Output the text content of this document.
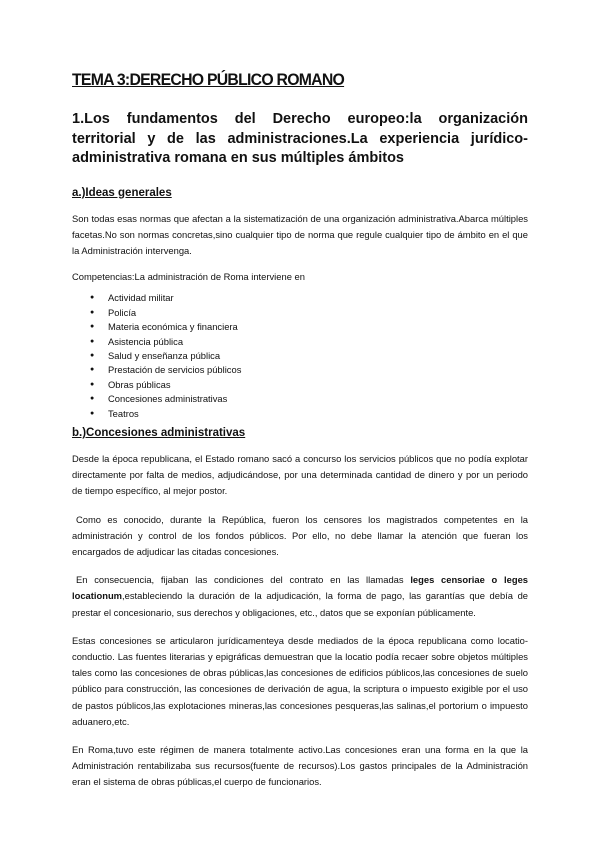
TEMA 3:DERECHO PÚBLICO ROMANO
1.Los fundamentos del Derecho europeo:la organización territorial y de las administraciones.La experiencia jurídico-administrativa romana en sus múltiples ámbitos
a.)Ideas generales

Son todas esas normas que afectan a la sistematización de una organización administrativa.Abarca múltiples facetas.No son normas concretas,sino cualquier tipo de norma que regule cualquier tipo de ámbito en el que la Administración intervenga.

Competencias:La administración de Roma interviene en

● Actividad militar
● Policía
● Materia económica y financiera
● Asistencia pública
● Salud y enseñanza pública
● Prestación de servicios públicos
● Obras públicas
● Concesiones administrativas
● Teatros
b.)Concesiones administrativas

Desde la época republicana, el Estado romano sacó a concurso los servicios públicos que no podía explotar directamente por falta de medios, adjudicándose, por una determinada cantidad de dinero y por un periodo de tiempo específico, al mejor postor.

Como es conocido, durante la República, fueron los censores los magistrados competentes en la administración y control de los fondos públicos. Por ello, no debe llamar la atención que fueran los encargados de adjudicar las citadas concesiones.

En consecuencia, fijaban las condiciones del contrato en las llamadas leges censoriae o leges locationum,estableciendo la duración de la adjudicación, la forma de pago, las garantías que debía de prestar el concesionario, sus derechos y obligaciones, etc., datos que se exponían públicamente.

Estas concesiones se articularon jurídicamenteya desde mediados de la época republicana como locatio-conductio. Las fuentes literarias y epigráficas demuestran que la locatio podía recaer sobre objetos múltiples tales como las concesiones de obras públicas,las concesiones de edificios públicos,las concesiones de suelo público para construcción, las concesiones de derivación de agua, la scriptura o impuesto exigible por el uso de pastos públicos,las explotaciones mineras,las concesiones pesqueras,las salinas,el portorium o impuesto aduanero,etc.

En Roma,tuvo este régimen de manera totalmente activo.Las concesiones eran una forma en la que la Administración rentabilizaba sus recursos(fuente de recursos).Los gastos principales de la Administración eran el sistema de obras públicas,el cuerpo de funcionarios.
